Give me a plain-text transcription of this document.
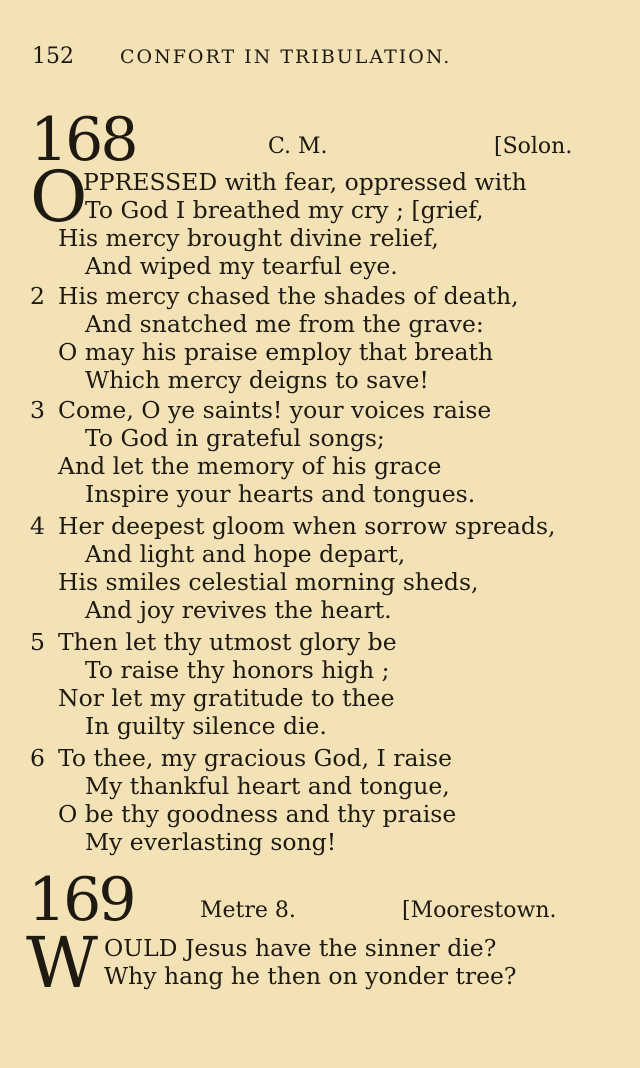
152 CONFORT IN TRIBULATION.
168	C. M.	[Solon.
O
PPRESSED with fear, oppressed with
To God I breathed my cry ; [grief,
His mercy brought divine relief,
And wiped my tearful eye.
2 His mercy chased the shades of death,
And snatched me from the grave:
O may his praise employ that breath
Which mercy deigns to save!
3 Come, O ye saints! your voices raise
To God in grateful songs;
And let the memory of his grace
Inspire your hearts and tongues.
4 Her deepest gloom when sorrow spreads,
And light and hope depart,
His smiles celestial morning sheds,
And joy revives the heart.
5 Then let thy utmost glory be
To raise thy honors high ;
Nor let my gratitude to thee
In guilty silence die.
6 To thee, my gracious God, I raise
My thankful heart and tongue,
O be thy goodness and thy praise
My everlasting song!
169	Metre 8.	[Moorestown.
W OULD Jesus have the sinner die?
Why hang he then on yonder tree?
